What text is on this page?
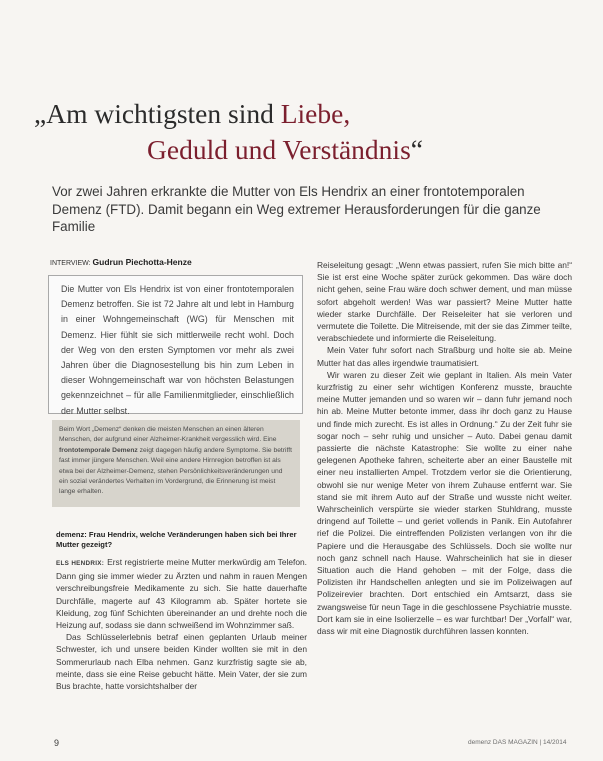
„Am wichtigsten sind Liebe,
Geduld und Verständnis“
Vor zwei Jahren erkrankte die Mutter von Els Hendrix an einer frontotemporalen Demenz (FTD). Damit begann ein Weg extremer Herausforderungen für die ganze Familie
INTERVIEW: Gudrun Piechotta-Henze
Die Mutter von Els Hendrix ist von einer frontotemporalen Demenz betroffen. Sie ist 72 Jahre alt und lebt in Hamburg in einer Wohngemeinschaft (WG) für Menschen mit Demenz. Hier fühlt sie sich mittlerweile recht wohl. Doch der Weg von den ersten Symptomen vor mehr als zwei Jahren über die Diagnosestellung bis hin zum Leben in dieser Wohngemeinschaft war von höchsten Belastungen gekennzeichnet – für alle Familienmitglieder, einschließlich der Mutter selbst.
Beim Wort „Demenz“ denken die meisten Menschen an einen älteren Menschen, der aufgrund einer Alzheimer-Krankheit vergesslich wird. Eine frontotemporale Demenz zeigt dagegen häufig andere Symptome. Sie betrifft fast immer jüngere Menschen. Weil eine andere Hirnregion betroffen ist als etwa bei der Alzheimer-Demenz, stehen Persönlichkeitsveränderungen und ein sozial verändertes Verhalten im Vordergrund, die Erinnerung ist meist lange erhalten.
demenz: Frau Hendrix, welche Veränderungen haben sich bei Ihrer Mutter gezeigt?

ELS HENDRIX: Erst registrierte meine Mutter merkwürdig am Telefon. Dann ging sie immer wieder zu Ärzten und nahm in rauen Mengen verschreibungsfreie Medikamente zu sich. Sie hatte dauerhafte Durchfälle, magerte auf 43 Kilogramm ab. Später hortete sie Kleidung, zog fünf Schichten übereinander an und drehte noch die Heizung auf, sodass sie dann schweißend im Wohnzimmer saß.

Das Schlüsselerlebnis betraf einen geplanten Urlaub meiner Schwester, ich und unsere beiden Kinder wollten sie mit in den Sommerurlaub nach Elba nehmen. Ganz kurzfristig sagte sie ab, meinte, dass sie eine Reise gebucht hätte. Mein Vater, der sie zum Bus brachte, hatte vorsichtshalber der

Reiseleitung gesagt: „Wenn etwas passiert, rufen Sie mich bitte an!“ Sie ist erst eine Woche später zurück gekommen. Das wäre doch nicht gehen, seine Frau wäre doch schwer dement, und man müsse sofort abgeholt werden! Was war passiert? Meine Mutter hatte wieder starke Durchfälle. Der Reiseleiter hat sie verloren und vermutete die Toilette. Die Mitreisende, mit der sie das Zimmer teilte, verabschiedete und informierte die Reiseleitung.

Mein Vater fuhr sofort nach Straßburg und holte sie ab. Meine Mutter hat das alles irgendwie traumatisiert.

Wir waren zu dieser Zeit wie geplant in Italien. Als mein Vater kurzfristig zu einer sehr wichtigen Konferenz musste, brauchte meine Mutter jemanden und so waren wir – dann fuhr jemand noch hin ab. Meine Mutter betonte immer, dass ihr doch ganz zu Hause und finde mich zurecht. Es ist alles in Ordnung.“ Zu der Zeit fuhr sie sogar noch – sehr ruhig und unsicher – Auto. Dabei genau damit passierte die nächste Katastrophe: Sie wollte zu einer nahe gelegenen Apotheke fahren, scheiterte aber an einer Baustelle mit einer neu installierten Ampel. Trotzdem verlor sie die Orientierung, obwohl sie nur wenige Meter von ihrem Zuhause entfernt war. Sie stand sie mit ihrem Auto auf der Straße und wusste nicht weiter. Wahrscheinlich verspürte sie wieder starken Stuhldrang, musste dringend auf Toilette – und geriet vollends in Panik. Ein Autofahrer rief die Polizei. Die eintreffenden Polizisten verlangen von ihr die Papiere und die Herausgabe des Schlüssels. Doch sie wollte nur noch ganz schnell nach Hause. Wahrscheinlich hat sie in dieser Situation auch die Hand gehoben – mit der Folge, dass die Polizisten ihr Handschellen anlegten und sie im Polizeiwagen auf Polizeirevier brachten. Dort entschied ein Amtsarzt, dass sie zwangsweise für neun Tage in die geschlossene Psychiatrie musste. Dort kam sie in eine Isolierzelle – es war furchtbar! Der „Vorfall“ war, dass wir mit eine Diagnostik durchführen lassen konnten.

9	demenz DAS MAGAZIN | 14/2014
